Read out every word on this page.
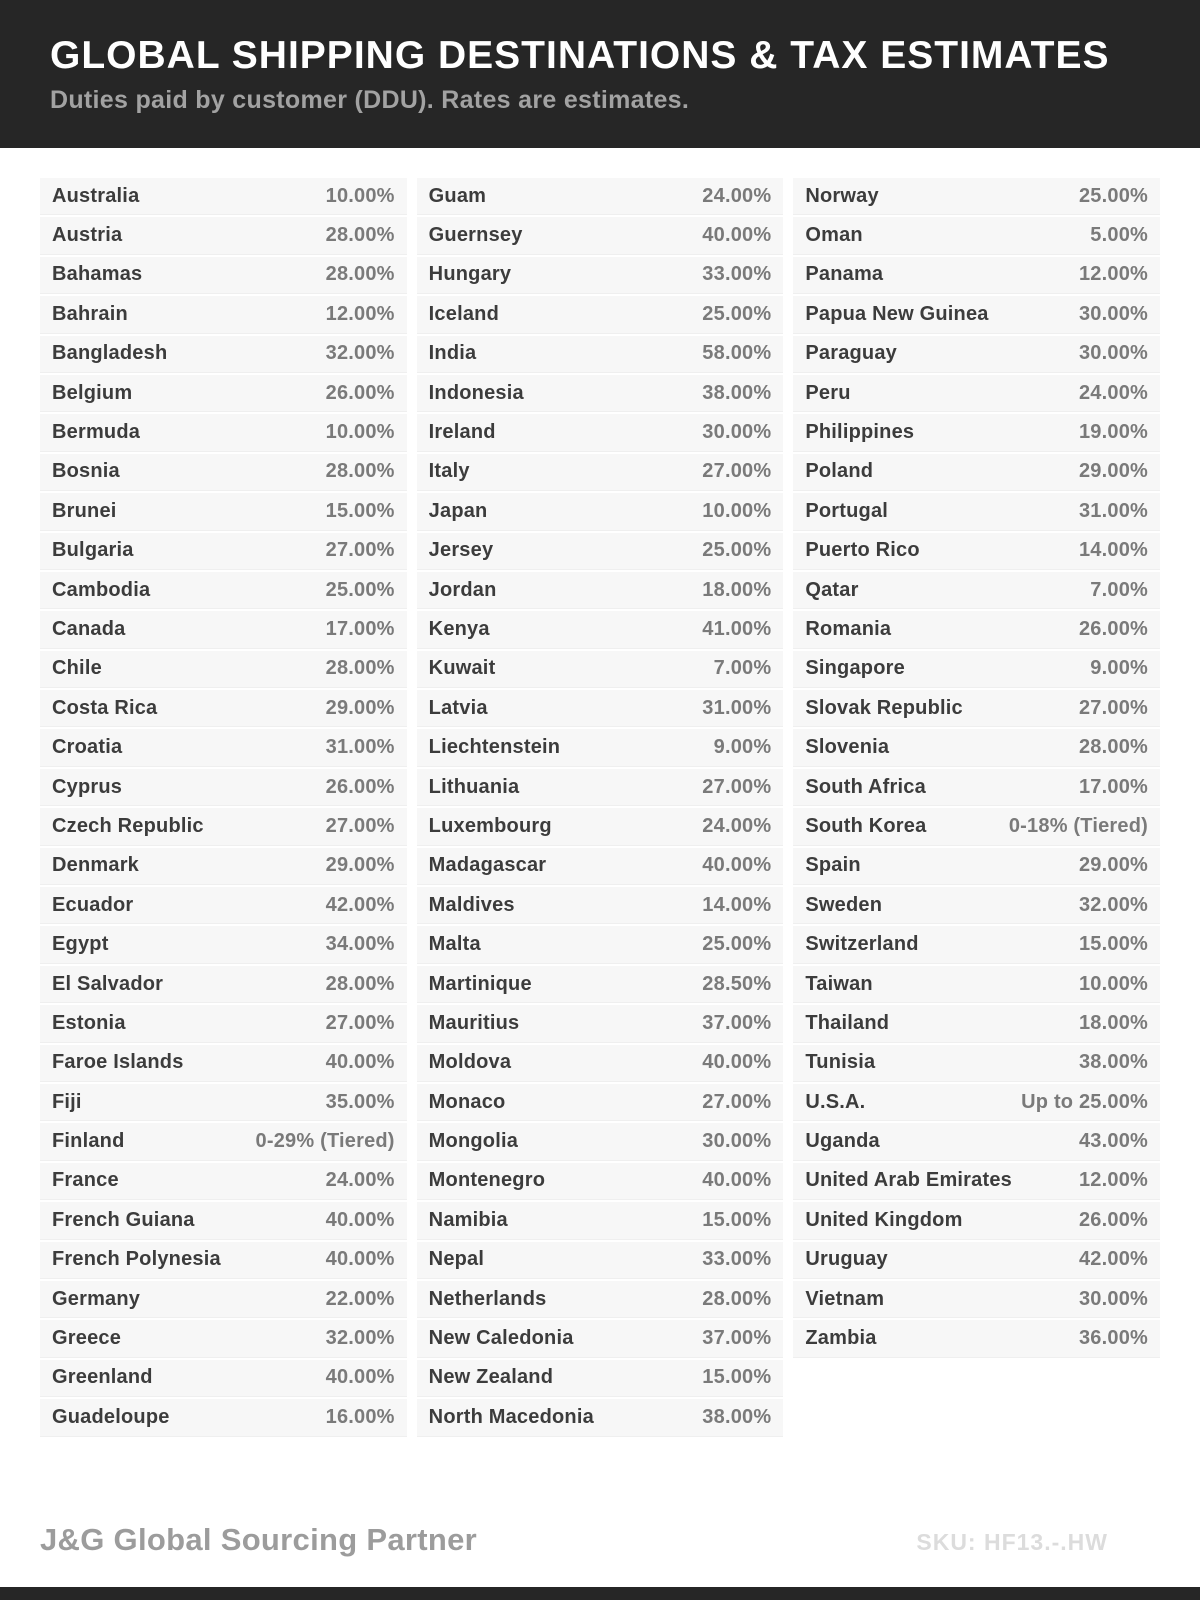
GLOBAL SHIPPING DESTINATIONS & TAX ESTIMATES
Duties paid by customer (DDU). Rates are estimates.
Australia	10.00%
Austria	28.00%
Bahamas	28.00%
Bahrain	12.00%
Bangladesh	32.00%
Belgium	26.00%
Bermuda	10.00%
Bosnia	28.00%
Brunei	15.00%
Bulgaria	27.00%
Cambodia	25.00%
Canada	17.00%
Chile	28.00%
Costa Rica	29.00%
Croatia	31.00%
Cyprus	26.00%
Czech Republic	27.00%
Denmark	29.00%
Ecuador	42.00%
Egypt	34.00%
El Salvador	28.00%
Estonia	27.00%
Faroe Islands	40.00%
Fiji	35.00%
Finland	0-29% (Tiered)
France	24.00%
French Guiana	40.00%
French Polynesia	40.00%
Germany	22.00%
Greece	32.00%
Greenland	40.00%
Guadeloupe	16.00%
Guam	24.00%
Guernsey	40.00%
Hungary	33.00%
Iceland	25.00%
India	58.00%
Indonesia	38.00%
Ireland	30.00%
Italy	27.00%
Japan	10.00%
Jersey	25.00%
Jordan	18.00%
Kenya	41.00%
Kuwait	7.00%
Latvia	31.00%
Liechtenstein	9.00%
Lithuania	27.00%
Luxembourg	24.00%
Madagascar	40.00%
Maldives	14.00%
Malta	25.00%
Martinique	28.50%
Mauritius	37.00%
Moldova	40.00%
Monaco	27.00%
Mongolia	30.00%
Montenegro	40.00%
Namibia	15.00%
Nepal	33.00%
Netherlands	28.00%
New Caledonia	37.00%
New Zealand	15.00%
North Macedonia	38.00%
Norway	25.00%
Oman	5.00%
Panama	12.00%
Papua New Guinea	30.00%
Paraguay	30.00%
Peru	24.00%
Philippines	19.00%
Poland	29.00%
Portugal	31.00%
Puerto Rico	14.00%
Qatar	7.00%
Romania	26.00%
Singapore	9.00%
Slovak Republic	27.00%
Slovenia	28.00%
South Africa	17.00%
South Korea	0-18% (Tiered)
Spain	29.00%
Sweden	32.00%
Switzerland	15.00%
Taiwan	10.00%
Thailand	18.00%
Tunisia	38.00%
U.S.A.	Up to 25.00%
Uganda	43.00%
United Arab Emirates	12.00%
United Kingdom	26.00%
Uruguay	42.00%
Vietnam	30.00%
Zambia	36.00%
J&G Global Sourcing Partner	SKU: HF13.-.HW
